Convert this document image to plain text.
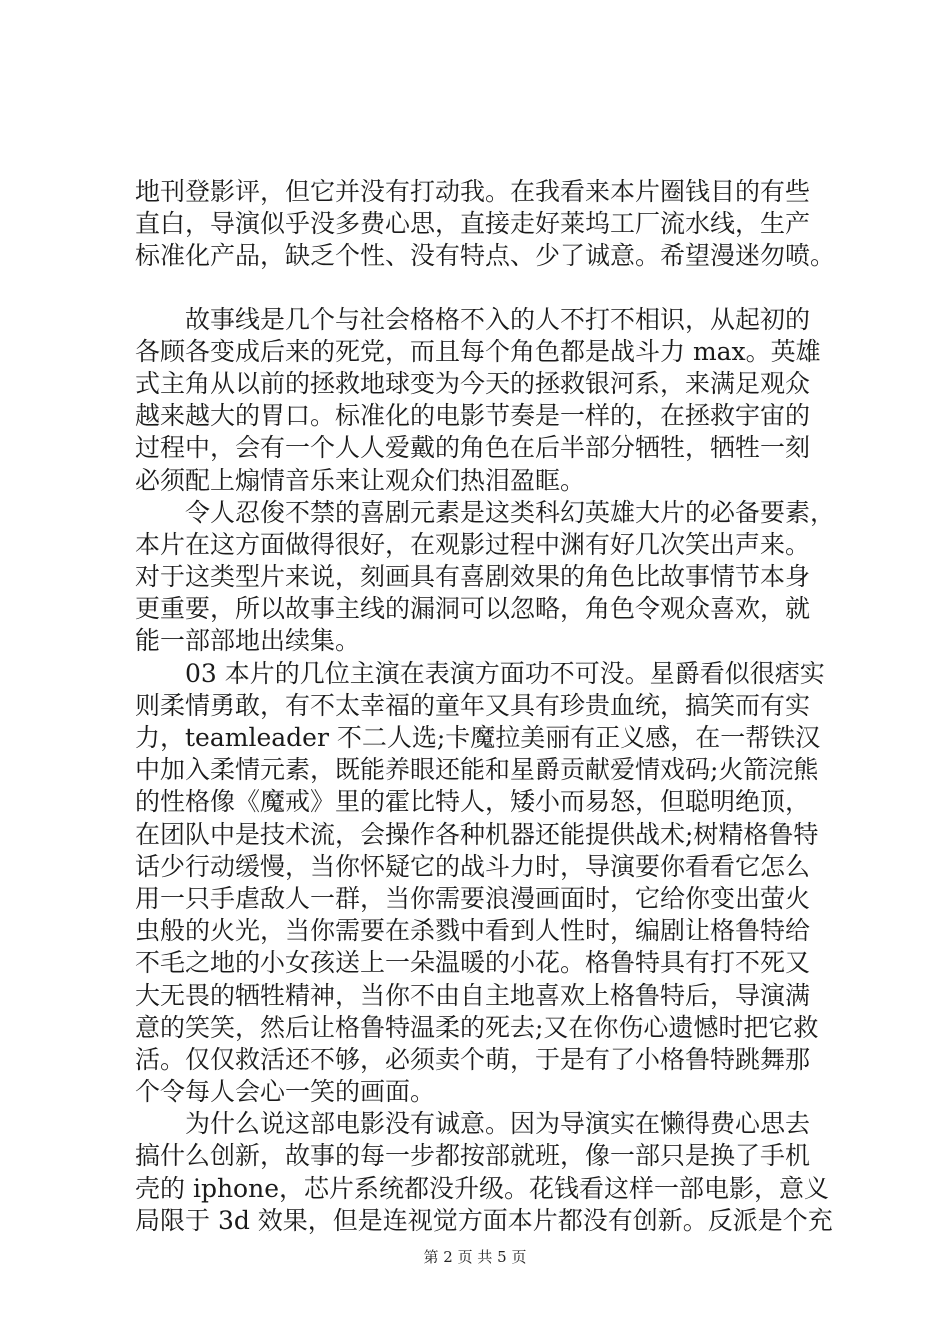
地刊登影评，但它并没有打动我。在我看来本片圈钱目的有些
直白，导演似乎没多费心思，直接走好莱坞工厂流水线，生产
标准化产品，缺乏个性、没有特点、少了诚意。希望漫迷勿喷。
　　故事线是几个与社会格格不入的人不打不相识，从起初的
各顾各变成后来的死党，而且每个角色都是战斗力 max。英雄
式主角从以前的拯救地球变为今天的拯救银河系，来满足观众
越来越大的胃口。标准化的电影节奏是一样的，在拯救宇宙的
过程中，会有一个人人爱戴的角色在后半部分牺牲，牺牲一刻
必须配上煽情音乐来让观众们热泪盈眶。
　　令人忍俊不禁的喜剧元素是这类科幻英雄大片的必备要素，
本片在这方面做得很好，在观影过程中渊有好几次笑出声来。
对于这类型片来说，刻画具有喜剧效果的角色比故事情节本身
更重要，所以故事主线的漏洞可以忽略，角色令观众喜欢，就
能一部部地出续集。
　　03 本片的几位主演在表演方面功不可没。星爵看似很痞实
则柔情勇敢，有不太幸福的童年又具有珍贵血统，搞笑而有实
力，teamleader 不二人选;卡魔拉美丽有正义感，在一帮铁汉
中加入柔情元素，既能养眼还能和星爵贡献爱情戏码;火箭浣熊
的性格像《魔戒》里的霍比特人，矮小而易怒，但聪明绝顶，
在团队中是技术流，会操作各种机器还能提供战术;树精格鲁特
话少行动缓慢，当你怀疑它的战斗力时，导演要你看看它怎么
用一只手虐敌人一群，当你需要浪漫画面时，它给你变出萤火
虫般的火光，当你需要在杀戮中看到人性时，编剧让格鲁特给
不毛之地的小女孩送上一朵温暖的小花。格鲁特具有打不死又
大无畏的牺牲精神，当你不由自主地喜欢上格鲁特后，导演满
意的笑笑，然后让格鲁特温柔的死去;又在你伤心遗憾时把它救
活。仅仅救活还不够，必须卖个萌，于是有了小格鲁特跳舞那
个令每人会心一笑的画面。
　　为什么说这部电影没有诚意。因为导演实在懒得费心思去
搞什么创新，故事的每一步都按部就班，像一部只是换了手机
壳的 iphone，芯片系统都没升级。花钱看这样一部电影，意义
局限于 3d 效果，但是连视觉方面本片都没有创新。反派是个充
第 2 页 共 5 页
